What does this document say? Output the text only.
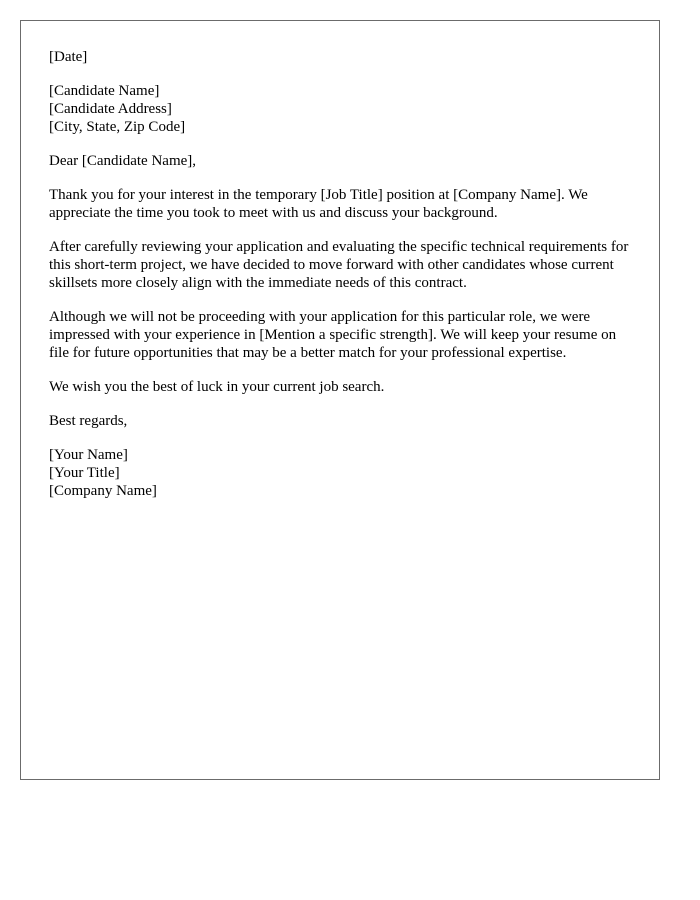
[Date]
[Candidate Name]
[Candidate Address]
[City, State, Zip Code]

Dear [Candidate Name],

Thank you for your interest in the temporary [Job Title] position at [Company Name]. We appreciate the time you took to meet with us and discuss your background.

After carefully reviewing your application and evaluating the specific technical requirements for this short-term project, we have decided to move forward with other candidates whose current skillsets more closely align with the immediate needs of this contract.

Although we will not be proceeding with your application for this particular role, we were impressed with your experience in [Mention a specific strength]. We will keep your resume on file for future opportunities that may be a better match for your professional expertise.

We wish you the best of luck in your current job search.

Best regards,

[Your Name]
[Your Title]
[Company Name]
